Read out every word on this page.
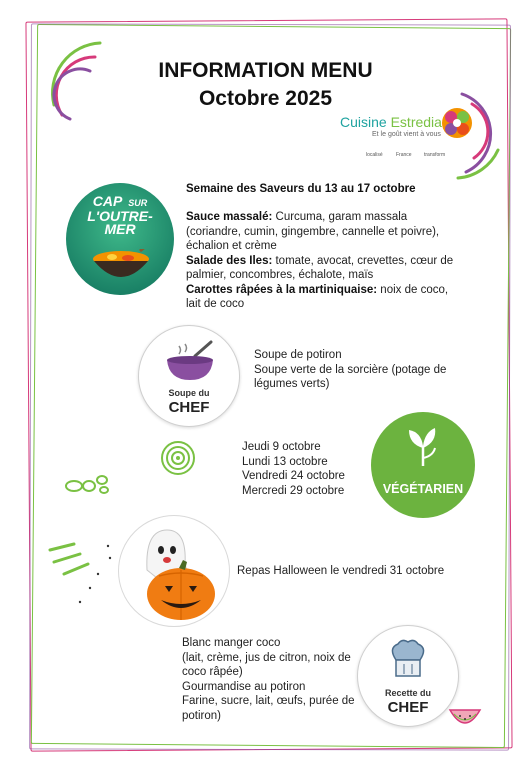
INFORMATION MENU
Octobre 2025
Cuisine Estredia
Et le goût vient à vous
localisé	France transform
CAP SUR
L'OUTRE-
MER
Semaine des Saveurs du 13 au 17 octobre
Sauce massalé: Curcuma, garam massala (coriandre, cumin, gingembre, cannelle et poivre), échalion et crème
Salade des Iles: tomate, avocat, crevettes, cœur de palmier, concombres, échalote, maïs
Carottes râpées à la martiniquaise: noix de coco, lait de coco
Soupe du
CHEF
Soupe de potiron
Soupe verte de la sorcière (potage de légumes verts)
Jeudi 9 octobre
Lundi 13 octobre
Vendredi 24 octobre
Mercredi 29 octobre	VÉGÉTARIEN
Repas Halloween le vendredi 31 octobre
Blanc manger coco
(lait, crème, jus de citron, noix de coco râpée)
Gourmandise au potiron
Farine, sucre, lait, œufs, purée de potiron)
Recette du
CHEF
